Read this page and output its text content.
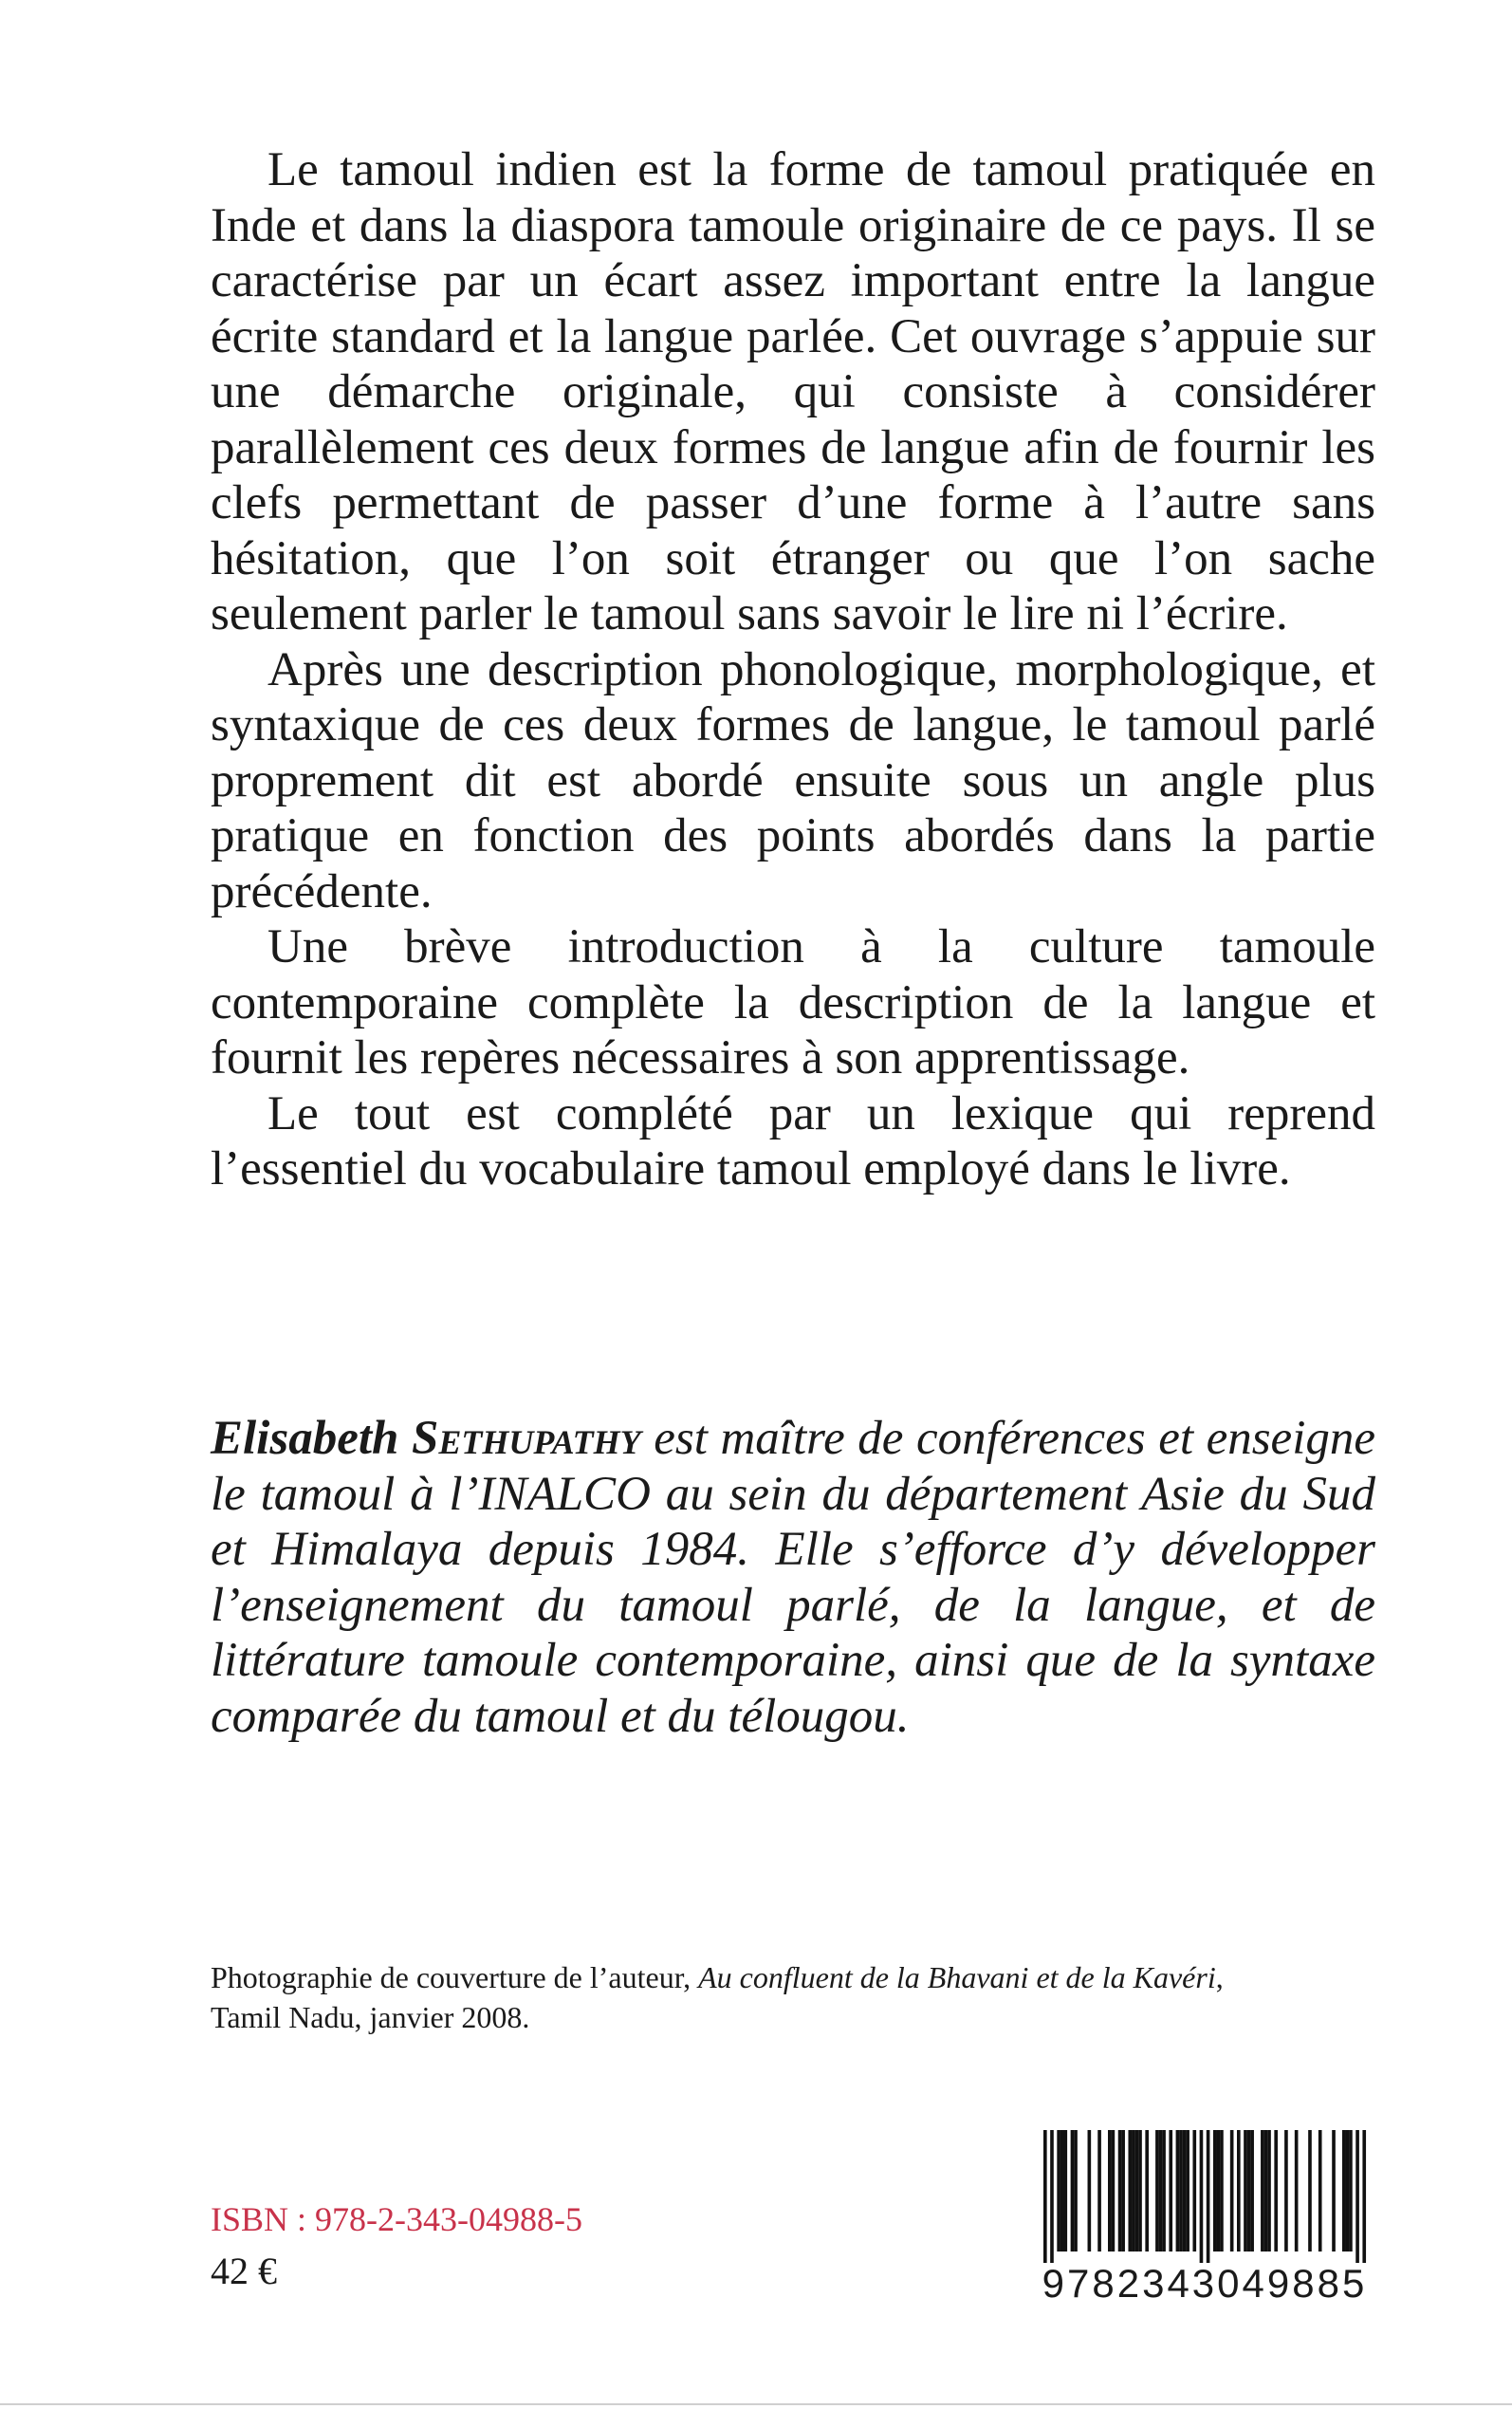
Le tamoul indien est la forme de tamoul pratiquée en Inde et dans la diaspora tamoule originaire de ce pays. Il se caractérise par un écart assez important entre la langue écrite standard et la langue parlée. Cet ouvrage s’appuie sur une démarche originale, qui consiste à considérer parallèlement ces deux formes de langue afin de fournir les clefs permettant de passer d’une forme à l’autre sans hésitation, que l’on soit étranger ou que l’on sache seulement parler le tamoul sans savoir le lire ni l’écrire.

Après une description phonologique, morphologique, et syntaxique de ces deux formes de langue, le tamoul parlé proprement dit est abordé ensuite sous un angle plus pratique en fonction des points abordés dans la partie précédente.

Une brève introduction à la culture tamoule contemporaine complète la description de la langue et fournit les repères nécessaires à son apprentissage.

Le tout est complété par un lexique qui reprend l’essentiel du vocabulaire tamoul employé dans le livre.

Elisabeth Sethupathy est maître de conférences et enseigne le tamoul à l’INALCO au sein du département Asie du Sud et Himalaya depuis 1984. Elle s’efforce d’y développer l’enseignement du tamoul parlé, de la langue, et de littérature tamoule contemporaine, ainsi que de la syntaxe comparée du tamoul et du télougou.

Photographie de couverture de l’auteur, Au confluent de la Bhavani et de la Kavéri,
Tamil Nadu, janvier 2008.

ISBN : 978-2-343-04988-5

42 €	9782343049885
